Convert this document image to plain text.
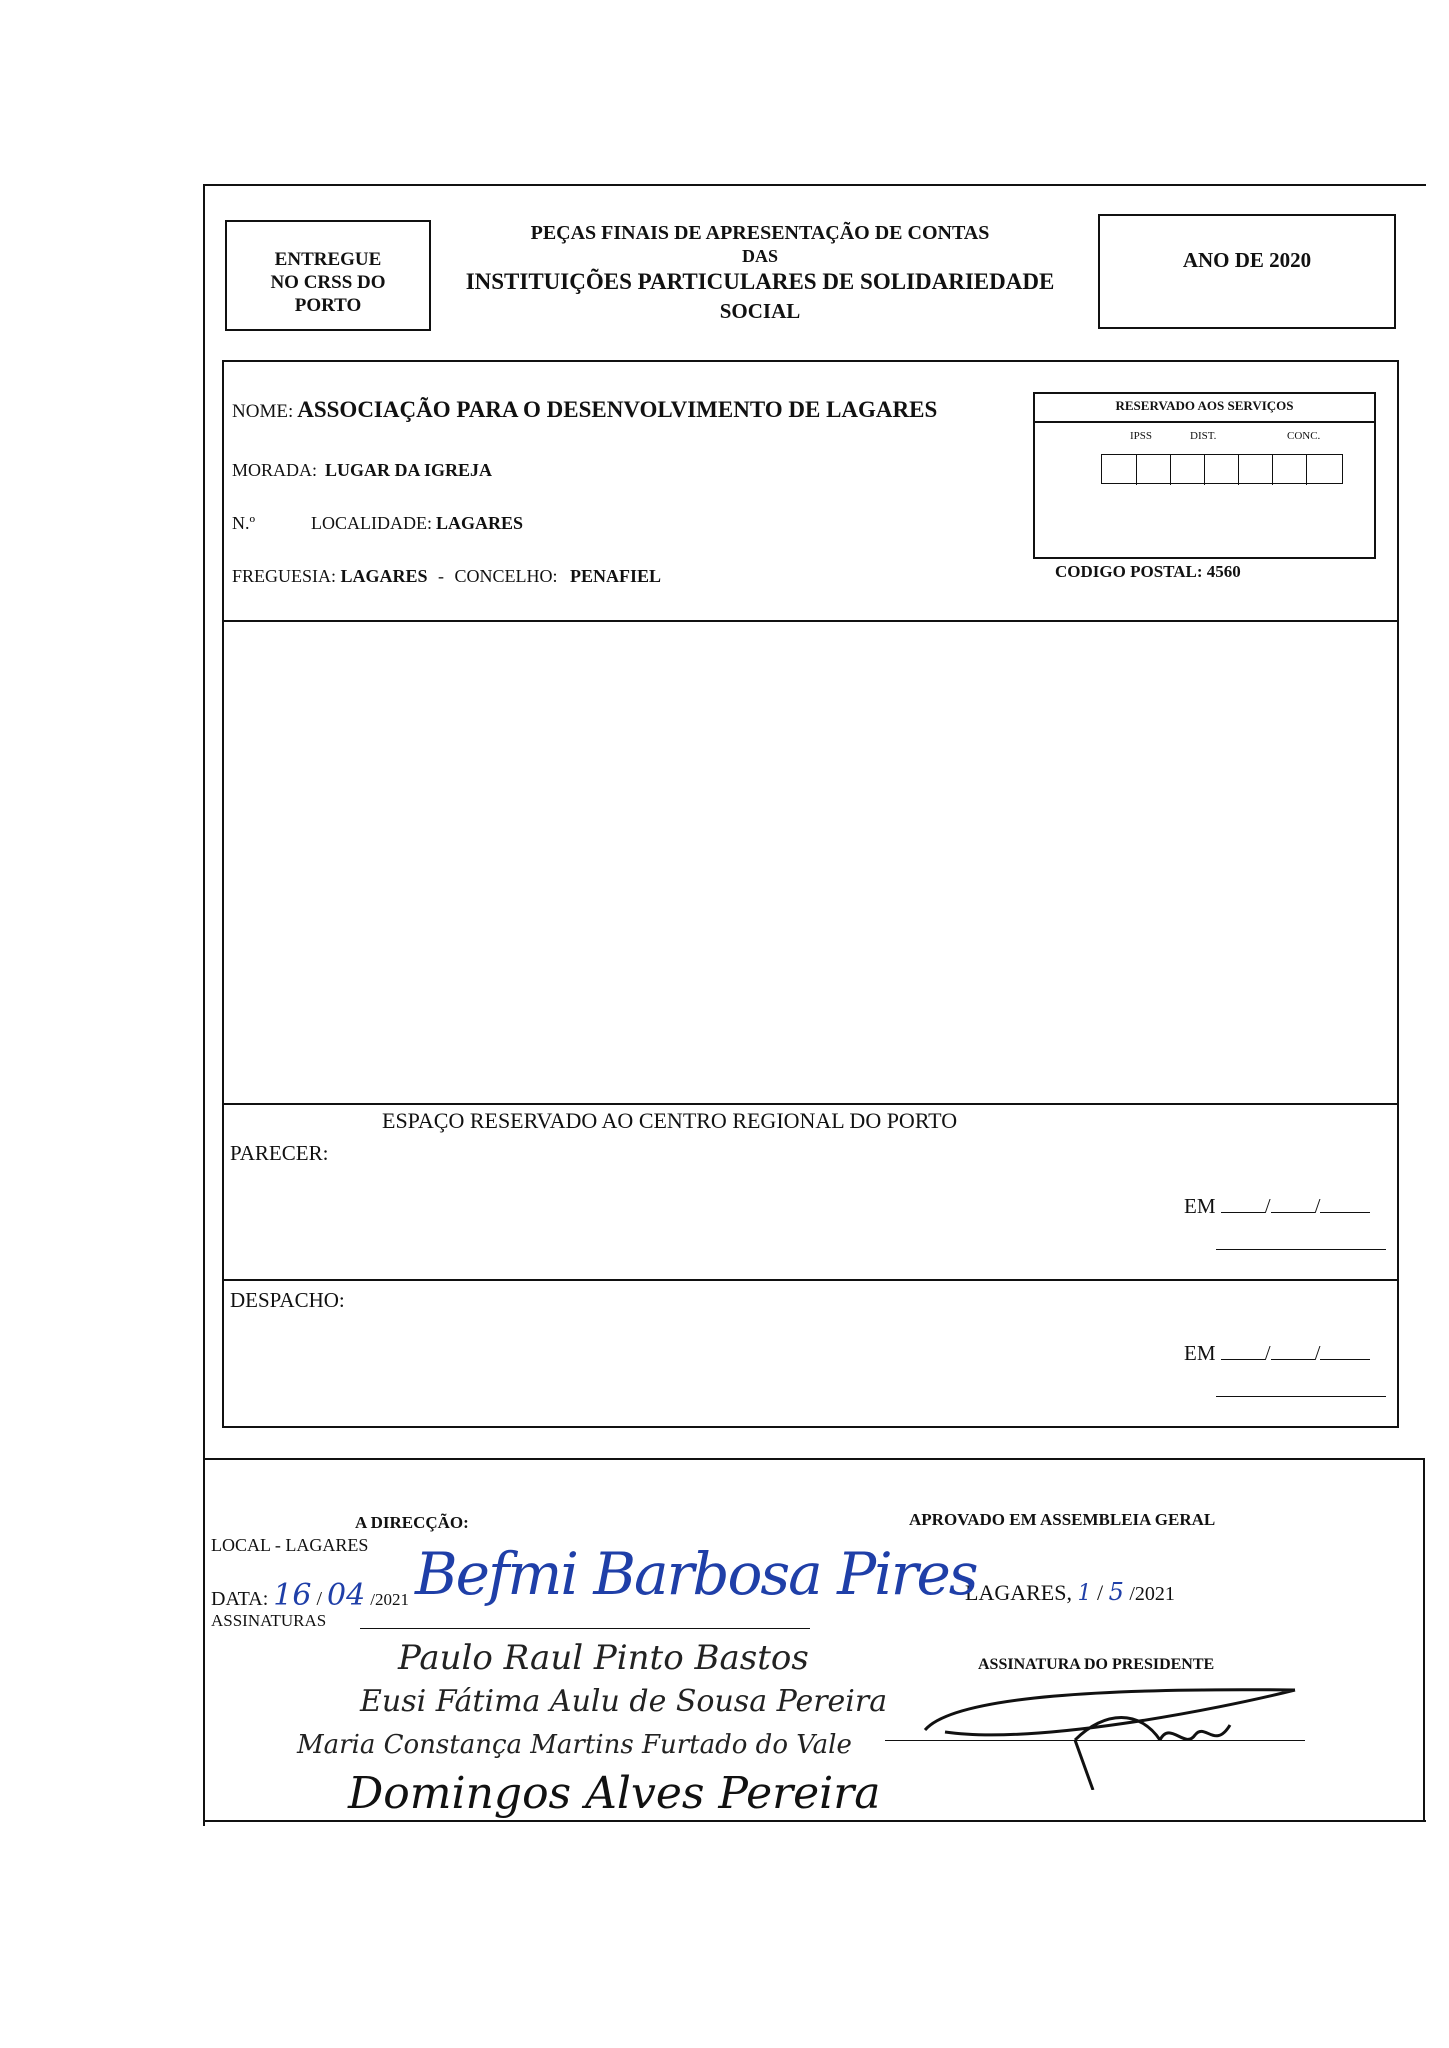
ENTREGUE
NO CRSS DO
PORTO
PEÇAS FINAIS DE APRESENTAÇÃO DE CONTAS
DAS
INSTITUIÇÕES PARTICULARES DE SOLIDARIEDADE
SOCIAL
ANO DE 2020
NOME: ASSOCIAÇÃO PARA O DESENVOLVIMENTO DE LAGARES
MORADA: LUGAR DA IGREJA
N.º	LOCALIDADE: LAGARES
FREGUESIA: LAGARES - CONCELHO: PENAFIEL
RESERVADO AOS SERVIÇOS
IPSS	DIST.	CONC.
CODIGO POSTAL: 4560
ESPAÇO RESERVADO AO CENTRO REGIONAL DO PORTO
PARECER:
EM / /
DESPACHO:
EM / /
A DIRECÇÃO:
LOCAL - LAGARES
DATA: 16 / 04 /2021
ASSINATURAS
APROVADO EM ASSEMBLEIA GERAL
LAGARES, 1 / 5 /2021
ASSINATURA DO PRESIDENTE
Befmi Barbosa Pires
Paulo Raul Pinto Bastos
Eusi Fátima Aulu de Sousa Pereira
Maria Constança Martins Furtado do Vale
Domingos Alves Pereira
